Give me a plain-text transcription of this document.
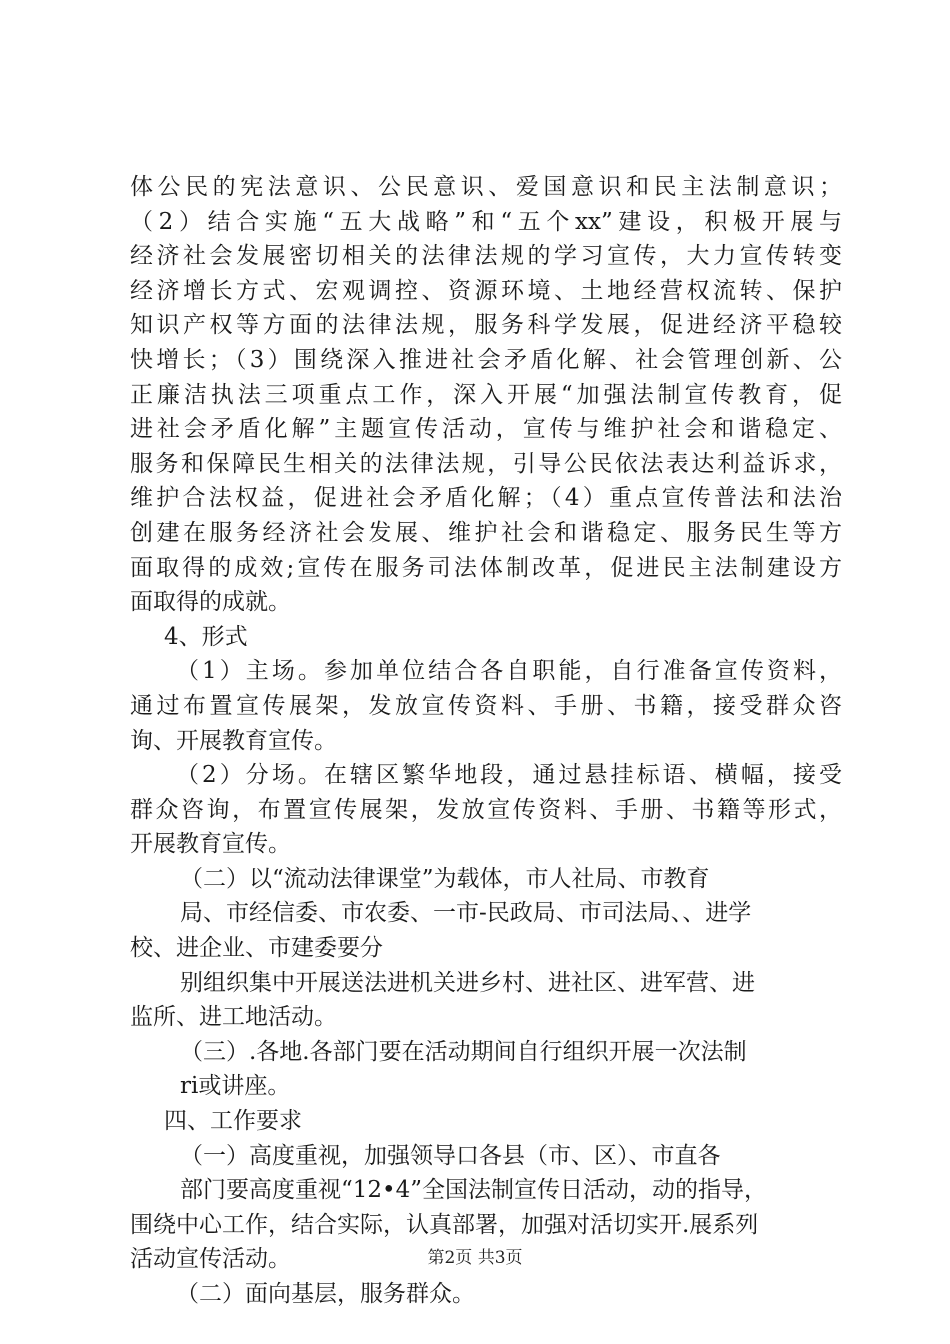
体公民的宪法意识、公民意识、爱国意识和民主法制意识；
（2）结合实施“五大战略”和“五个xx”建设，积极开展与
经济社会发展密切相关的法律法规的学习宣传，大力宣传转变
经济增长方式、宏观调控、资源环境、土地经营权流转、保护
知识产权等方面的法律法规，服务科学发展，促进经济平稳较
快增长；（3）围绕深入推进社会矛盾化解、社会管理创新、公
正廉洁执法三项重点工作，深入开展“加强法制宣传教育，促
进社会矛盾化解”主题宣传活动，宣传与维护社会和谐稳定、
服务和保障民生相关的法律法规，引导公民依法表达利益诉求，
维护合法权益，促进社会矛盾化解；（4）重点宣传普法和法治
创建在服务经济社会发展、维护社会和谐稳定、服务民生等方
面取得的成效;宣传在服务司法体制改革，促进民主法制建设方
面取得的成就。
4、形式
（1）主场。参加单位结合各自职能，自行准备宣传资料，
通过布置宣传展架，发放宣传资料、手册、书籍，接受群众咨
询、开展教育宣传。
（2）分场。在辖区繁华地段，通过悬挂标语、横幅，接受
群众咨询，布置宣传展架，发放宣传资料、手册、书籍等形式，
开展教育宣传。
（二）以“流动法律课堂”为载体，市人社局、市教育
局、市经信委、市农委、一市-民政局、市司法局、、进学
校、进企业、市建委要分
别组织集中开展送法进机关进乡村、进社区、进军营、进
监所、进工地活动。
（三）.各地.各部门要在活动期间自行组织开展一次法制
ri或讲座。
四、工作要求
（一）高度重视，加强领导口各县（市、区）、市直各
部门要高度重视“12•4”全国法制宣传日活动，动的指导，
围绕中心工作，结合实际，认真部署，加强对活切实开.展系列
活动宣传活动。
（二）面向基层，服务群众。
第2页 共3页
